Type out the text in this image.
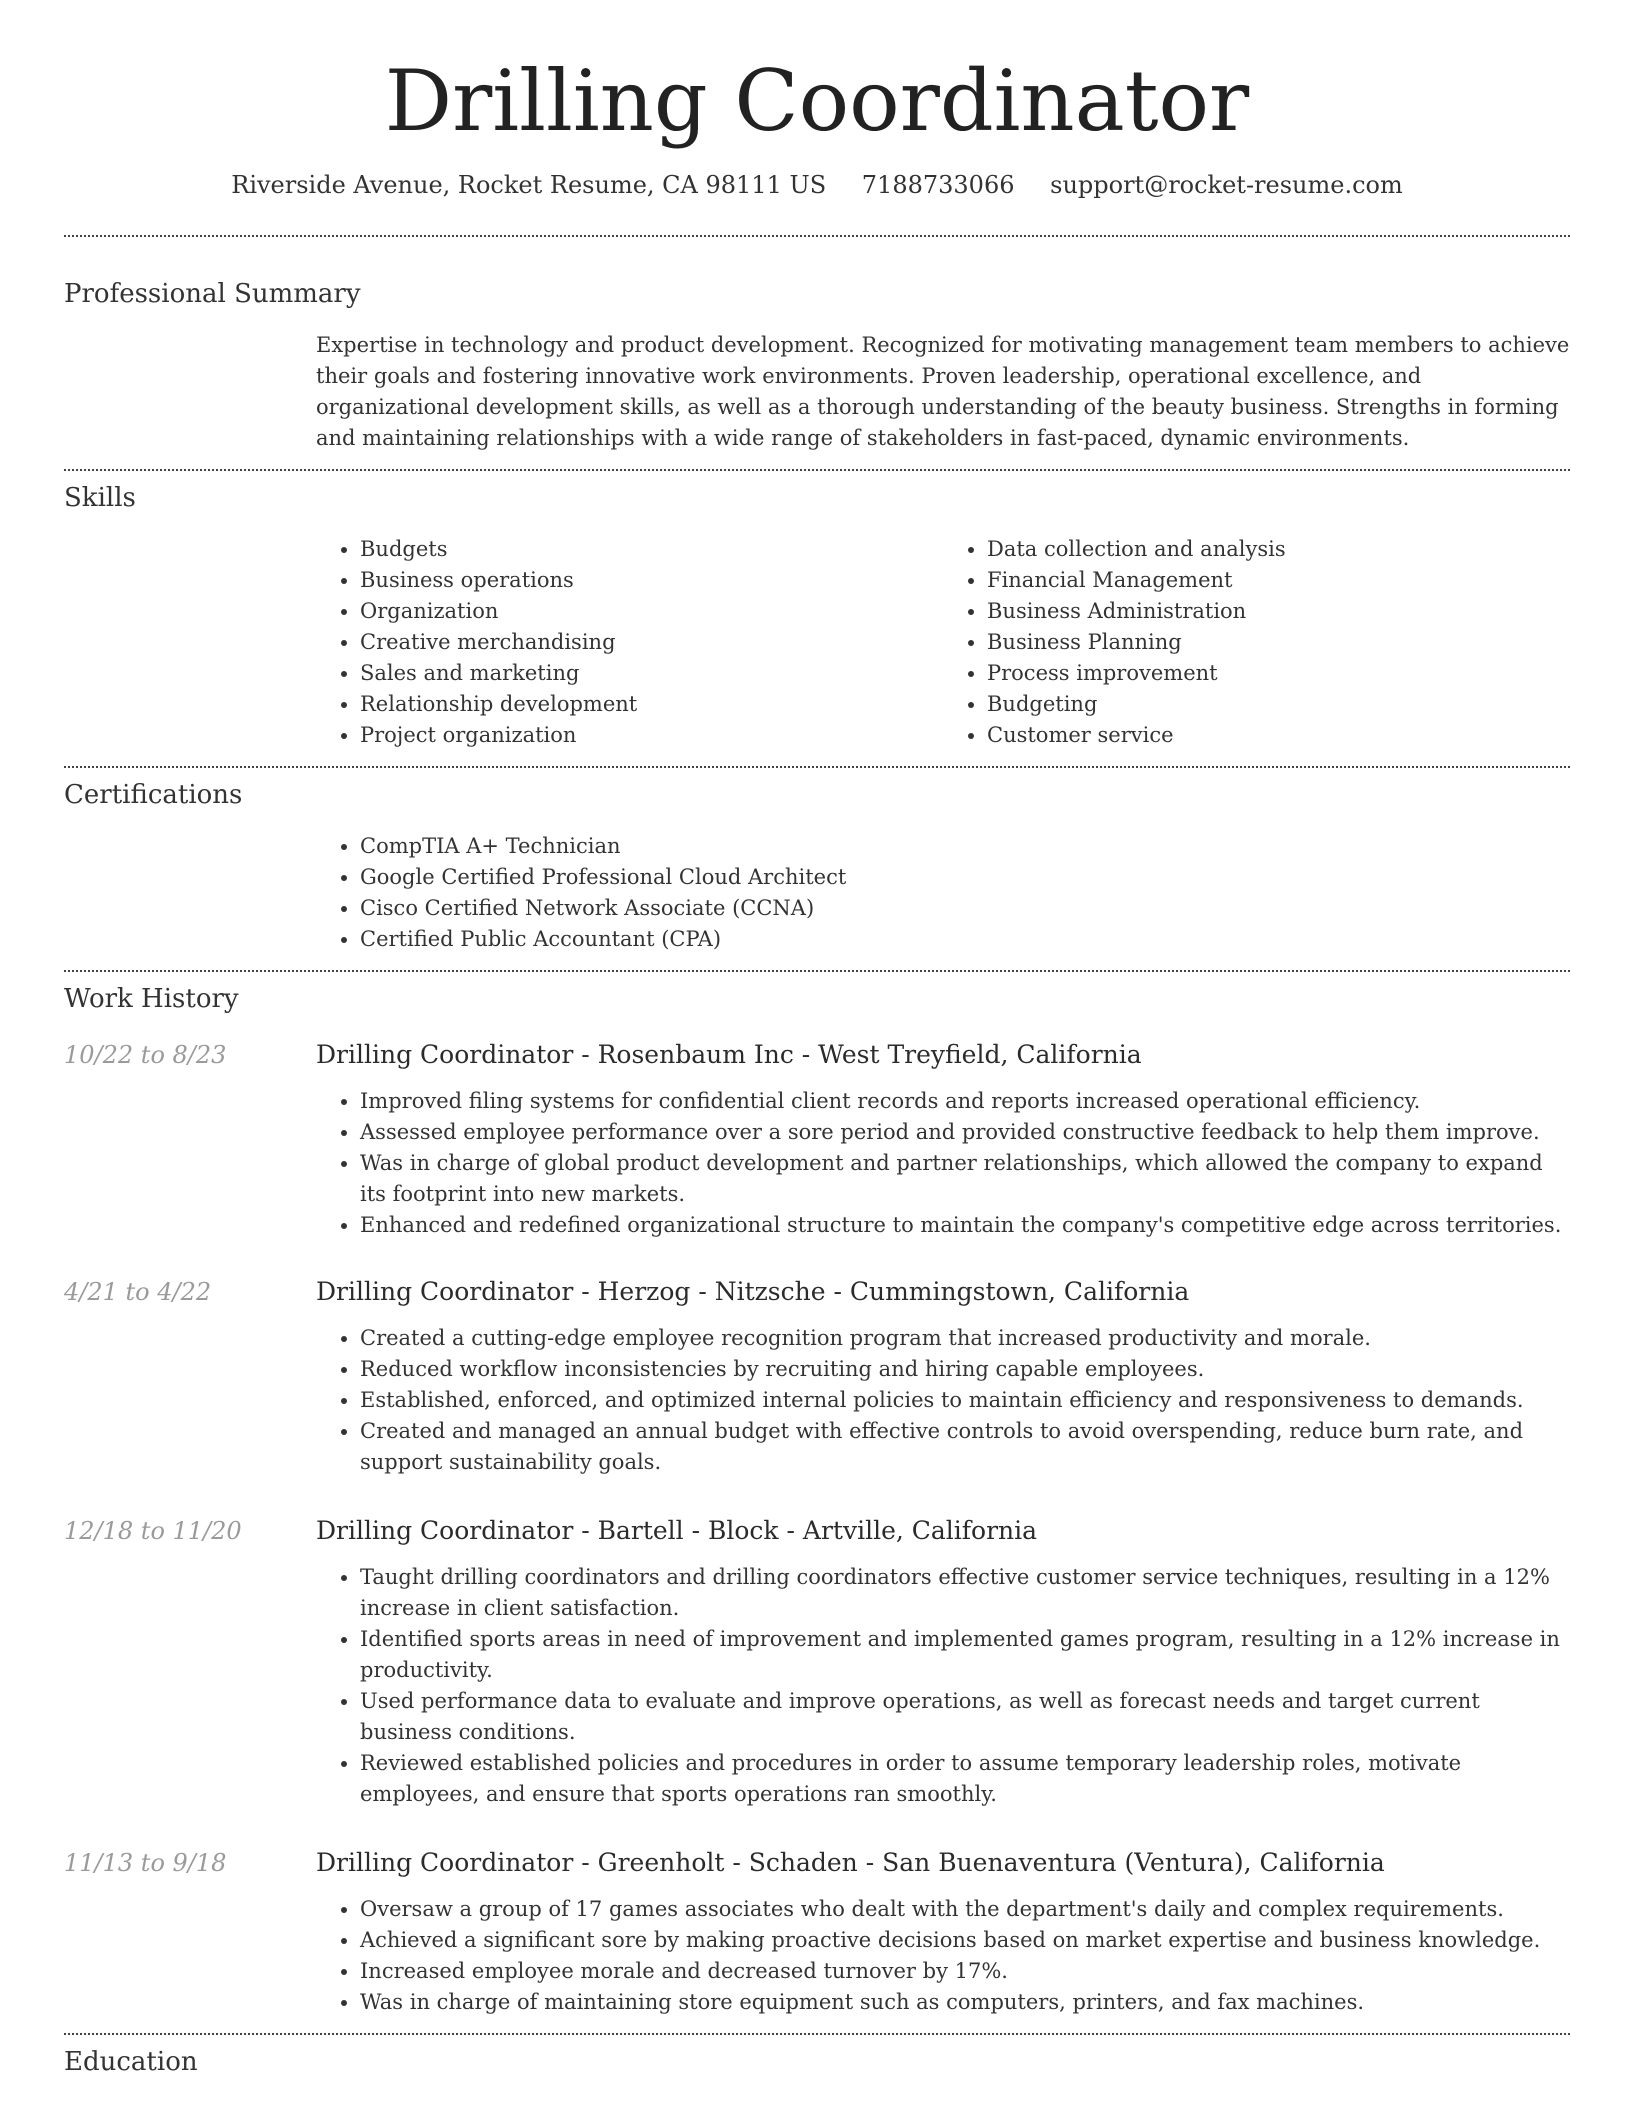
Drilling Coordinator
Riverside Avenue, Rocket Resume, CA 98111 US 7188733066 support@rocket-resume.com
Professional Summary
Expertise in technology and product development. Recognized for motivating management team members to achieve their goals and fostering innovative work environments. Proven leadership, operational excellence, and organizational development skills, as well as a thorough understanding of the beauty business. Strengths in forming and maintaining relationships with a wide range of stakeholders in fast-paced, dynamic environments.
Skills
• Budgets
• Business operations
• Organization
• Creative merchandising
• Sales and marketing
• Relationship development
• Project organization
• Data collection and analysis
• Financial Management
• Business Administration
• Business Planning
• Process improvement
• Budgeting
• Customer service
Certifications
• CompTIA A+ Technician
• Google Certified Professional Cloud Architect
• Cisco Certified Network Associate (CCNA)
• Certified Public Accountant (CPA)
Work History
10/22 to 8/23	Drilling Coordinator - Rosenbaum Inc - West Treyfield, California
• Improved filing systems for confidential client records and reports increased operational efficiency.
• Assessed employee performance over a sore period and provided constructive feedback to help them improve.
• Was in charge of global product development and partner relationships, which allowed the company to expand its footprint into new markets.
• Enhanced and redefined organizational structure to maintain the company's competitive edge across territories.
4/21 to 4/22	Drilling Coordinator - Herzog - Nitzsche - Cummingstown, California
• Created a cutting-edge employee recognition program that increased productivity and morale.
• Reduced workflow inconsistencies by recruiting and hiring capable employees.
• Established, enforced, and optimized internal policies to maintain efficiency and responsiveness to demands.
• Created and managed an annual budget with effective controls to avoid overspending, reduce burn rate, and support sustainability goals.
12/18 to 11/20	Drilling Coordinator - Bartell - Block - Artville, California
• Taught drilling coordinators and drilling coordinators effective customer service techniques, resulting in a 12% increase in client satisfaction.
• Identified sports areas in need of improvement and implemented games program, resulting in a 12% increase in productivity.
• Used performance data to evaluate and improve operations, as well as forecast needs and target current business conditions.
• Reviewed established policies and procedures in order to assume temporary leadership roles, motivate employees, and ensure that sports operations ran smoothly.
11/13 to 9/18	Drilling Coordinator - Greenholt - Schaden - San Buenaventura (Ventura), California
• Oversaw a group of 17 games associates who dealt with the department's daily and complex requirements.
• Achieved a significant sore by making proactive decisions based on market expertise and business knowledge.
• Increased employee morale and decreased turnover by 17%.
• Was in charge of maintaining store equipment such as computers, printers, and fax machines.
Education
